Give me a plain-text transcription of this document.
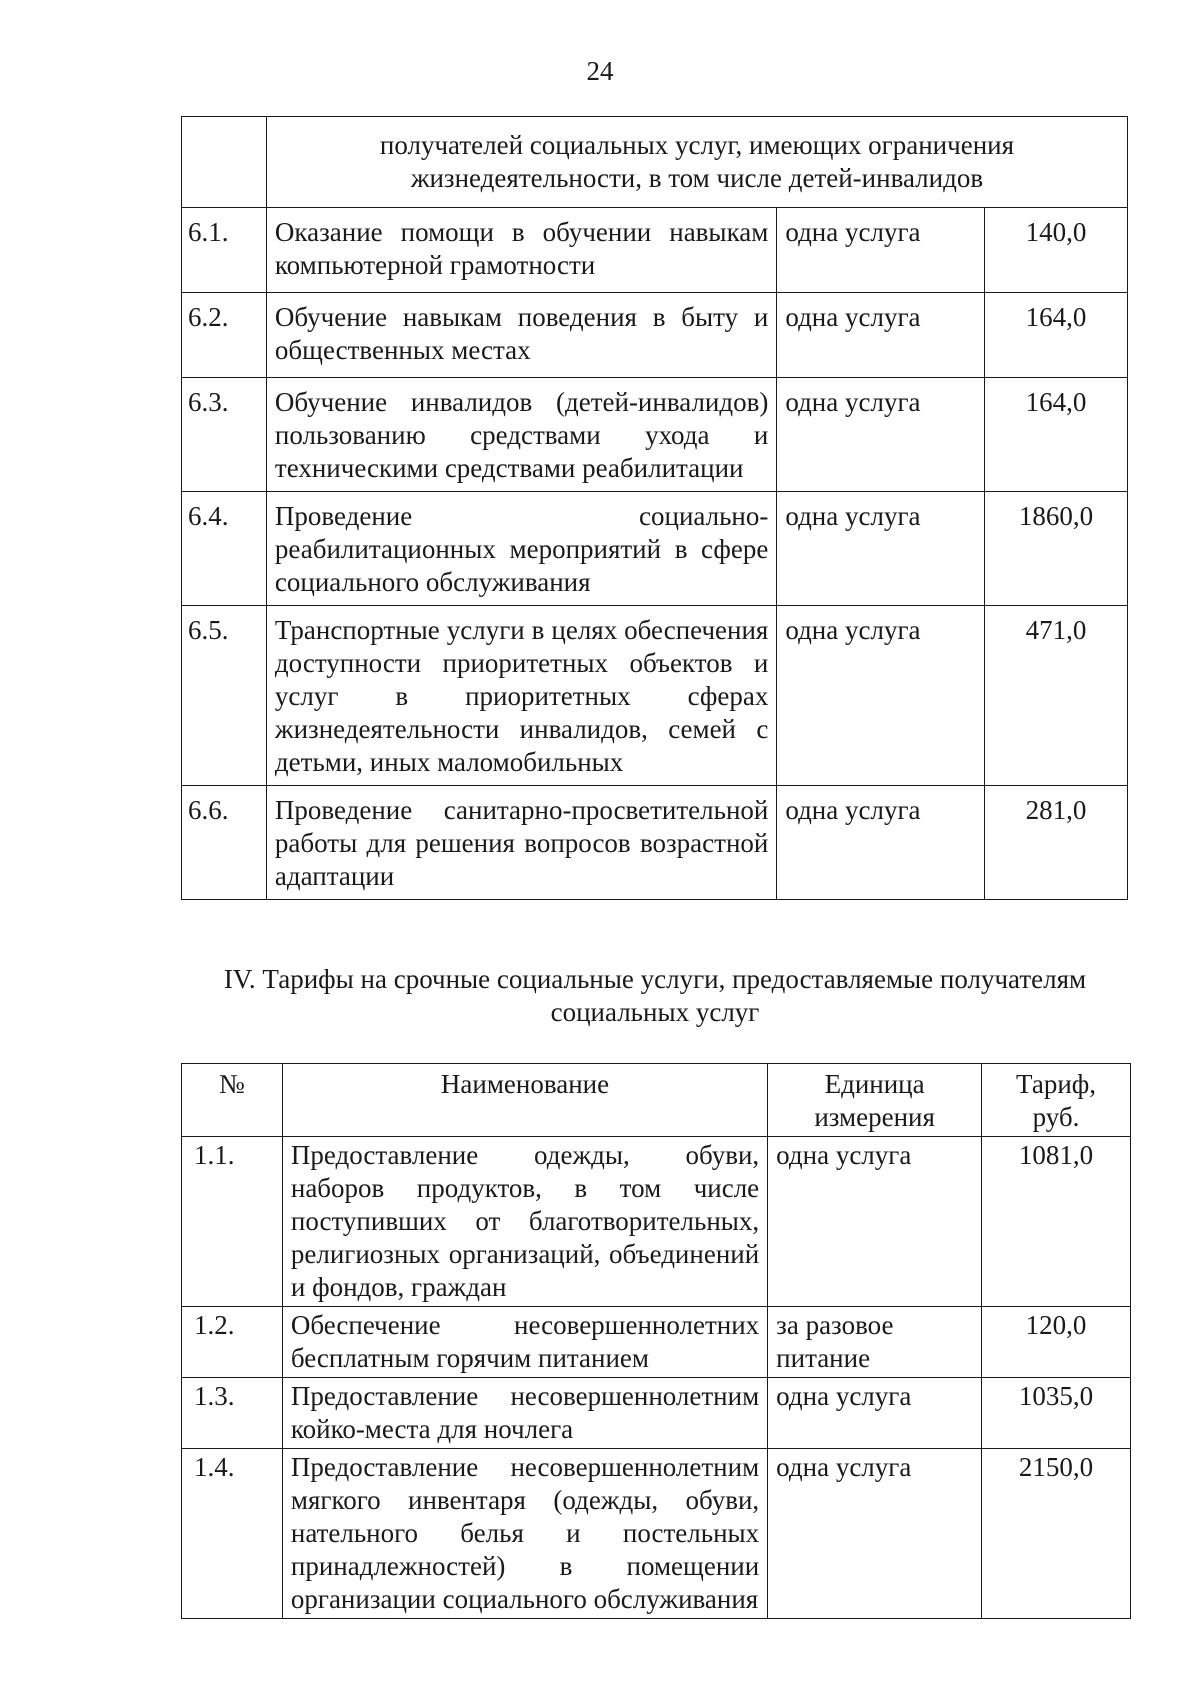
24
	получателей социальных услуг, имеющих ограничения жизнедеятельности, в том числе детей-инвалидов		
6.1.	Оказание помощи в обучении навыкам компьютерной грамотности	одна услуга	140,0
6.2.	Обучение навыкам поведения в быту и общественных местах	одна услуга	164,0
6.3.	Обучение инвалидов (детей-инвалидов) пользованию средствами ухода и техническими средствами реабилитации	одна услуга	164,0
6.4.	Проведение социально-реабилитационных мероприятий в сфере социального обслуживания	одна услуга	1860,0
6.5.	Транспортные услуги в целях обеспечения доступности приоритетных объектов и услуг в приоритетных сферах жизнедеятельности инвалидов, семей с детьми, иных маломобильных	одна услуга	471,0
6.6.	Проведение санитарно-просветительной работы для решения вопросов возрастной адаптации	одна услуга	281,0
IV. Тарифы на срочные социальные услуги, предоставляемые получателям социальных услуг
№	Наименование	Единица измерения	Тариф, руб.
1.1.	Предоставление одежды, обуви, наборов продуктов, в том числе поступивших от благотворительных, религиозных организаций, объединений и фондов, граждан	одна услуга	1081,0
1.2.	Обеспечение несовершеннолетних бесплатным горячим питанием	за разовое питание	120,0
1.3.	Предоставление несовершеннолетним койко-места для ночлега	одна услуга	1035,0
1.4.	Предоставление несовершеннолетним мягкого инвентаря (одежды, обуви, нательного белья и постельных принадлежностей) в помещении организации социального обслуживания	одна услуга	2150,0
